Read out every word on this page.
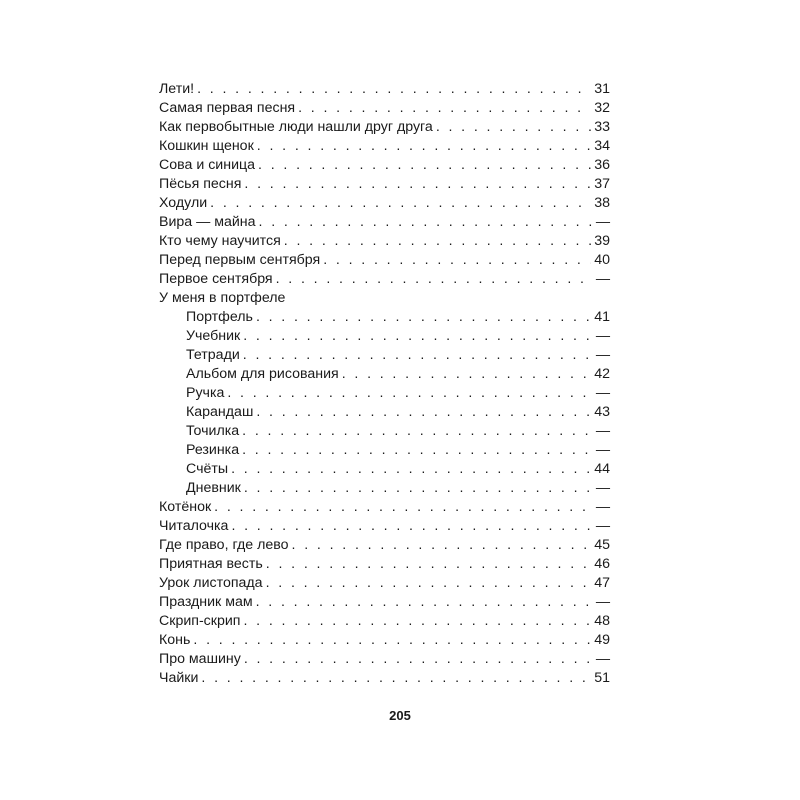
Лети! . . .	31
Самая первая песня . . .	32
Как первобытные люди нашли друг друга . . .	33
Кошкин щенок . . .	34
Сова и синица . . .	36
Пёсья песня . . .	37
Ходули . . .	38
Вира — майна . . .	—
Кто чему научится . . .	39
Перед первым сентября . . .	40
Первое сентября . . .	—
У меня в портфеле
Портфель . . .	41
Учебник . . .	—
Тетради . . .	—
Альбом для рисования . . .	42
Ручка . . .	—
Карандаш . . .	43
Точилка . . .	—
Резинка . . .	—
Счёты . . .	44
Дневник . . .	—
Котёнок . . .	—
Читалочка . . .	—
Где право, где лево . . .	45
Приятная весть . . .	46
Урок листопада . . .	47
Праздник мам . . .	—
Скрип-скрип . . .	48
Конь . . .	49
Про машину . . .	—
Чайки . . .	51
205
